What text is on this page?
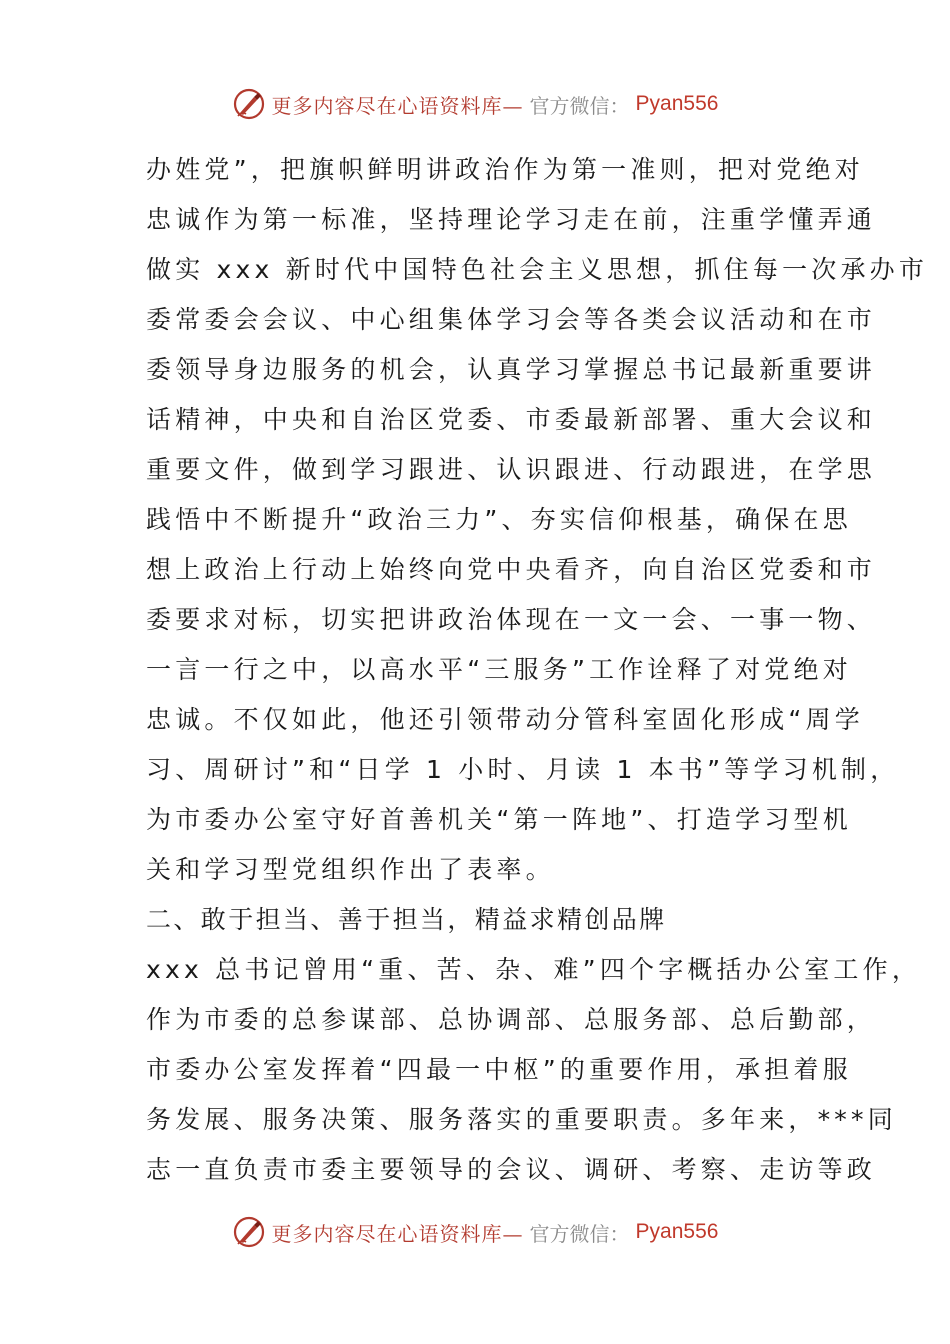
更多内容尽在心语资料库— 官方微信： Pyan556
办姓党”，把旗帜鲜明讲政治作为第一准则，把对党绝对
忠诚作为第一标准，坚持理论学习走在前，注重学懂弄通
做实 xxx 新时代中国特色社会主义思想，抓住每一次承办市
委常委会会议、中心组集体学习会等各类会议活动和在市
委领导身边服务的机会，认真学习掌握总书记最新重要讲
话精神，中央和自治区党委、市委最新部署、重大会议和
重要文件，做到学习跟进、认识跟进、行动跟进，在学思
践悟中不断提升“政治三力”、夯实信仰根基，确保在思
想上政治上行动上始终向党中央看齐，向自治区党委和市
委要求对标，切实把讲政治体现在一文一会、一事一物、
一言一行之中，以高水平“三服务”工作诠释了对党绝对
忠诚。不仅如此，他还引领带动分管科室固化形成“周学
习、周研讨”和“日学 1 小时、月读 1 本书”等学习机制，
为市委办公室守好首善机关“第一阵地”、打造学习型机
关和学习型党组织作出了表率。
二、敢于担当、善于担当，精益求精创品牌
xxx 总书记曾用“重、苦、杂、难”四个字概括办公室工作，
作为市委的总参谋部、总协调部、总服务部、总后勤部，
市委办公室发挥着“四最一中枢”的重要作用，承担着服
务发展、服务决策、服务落实的重要职责。多年来，***同
志一直负责市委主要领导的会议、调研、考察、走访等政
更多内容尽在心语资料库— 官方微信： Pyan556
